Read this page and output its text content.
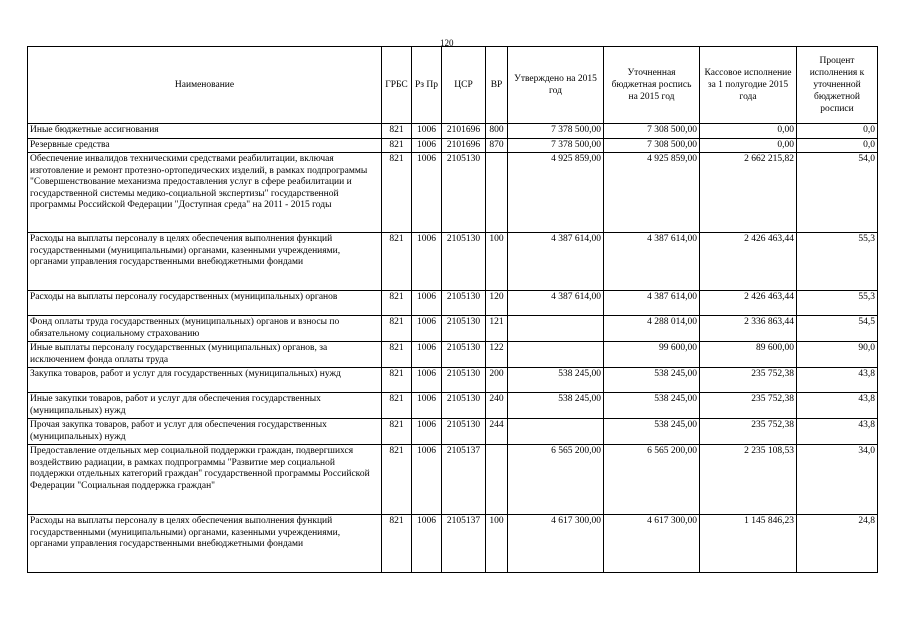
120
Наименование	ГРБС	Рз Пр	ЦСР	ВР	Утверждено на 2015 год	Уточненная бюджетная роспись на 2015 год	Кассовое исполнение за 1 полугодие 2015 года	Процент исполнения к уточненной бюджетной росписи
Иные бюджетные ассигнования	821	1006	2101696	800	7 378 500,00	7 308 500,00	0,00	0,0
Резервные средства	821	1006	2101696	870	7 378 500,00	7 308 500,00	0,00	0,0
Обеспечение инвалидов техническими средствами реабилитации, включая изготовление и ремонт протезно-ортопедических изделий, в рамках подпрограммы "Совершенствование механизма предоставления услуг в сфере реабилитации и государственной системы медико-социальной экспертизы" государственной программы Российской Федерации "Доступная среда" на 2011 - 2015 годы	821	1006	2105130		4 925 859,00	4 925 859,00	2 662 215,82	54,0
Расходы на выплаты персоналу в целях обеспечения выполнения функций государственными (муниципальными) органами, казенными учреждениями, органами управления государственными внебюджетными фондами	821	1006	2105130	100	4 387 614,00	4 387 614,00	2 426 463,44	55,3
Расходы на выплаты персоналу государственных (муниципальных) органов	821	1006	2105130	120	4 387 614,00	4 387 614,00	2 426 463,44	55,3
Фонд оплаты труда государственных (муниципальных) органов и взносы по обязательному социальному страхованию	821	1006	2105130	121		4 288 014,00	2 336 863,44	54,5
Иные выплаты персоналу государственных (муниципальных) органов, за исключением фонда оплаты труда	821	1006	2105130	122		99 600,00	89 600,00	90,0
Закупка товаров, работ и услуг для государственных (муниципальных) нужд	821	1006	2105130	200	538 245,00	538 245,00	235 752,38	43,8
Иные закупки товаров, работ и услуг для обеспечения государственных (муниципальных) нужд	821	1006	2105130	240	538 245,00	538 245,00	235 752,38	43,8
Прочая закупка товаров, работ и услуг для обеспечения государственных (муниципальных) нужд	821	1006	2105130	244		538 245,00	235 752,38	43,8
Предоставление отдельных мер социальной поддержки граждан, подвергшихся воздействию радиации, в рамках подпрограммы "Развитие мер социальной поддержки отдельных категорий граждан" государственной программы Российской Федерации "Социальная поддержка граждан"	821	1006	2105137		6 565 200,00	6 565 200,00	2 235 108,53	34,0
Расходы на выплаты персоналу в целях обеспечения выполнения функций государственными (муниципальными) органами, казенными учреждениями, органами управления государственными внебюджетными фондами	821	1006	2105137	100	4 617 300,00	4 617 300,00	1 145 846,23	24,8
